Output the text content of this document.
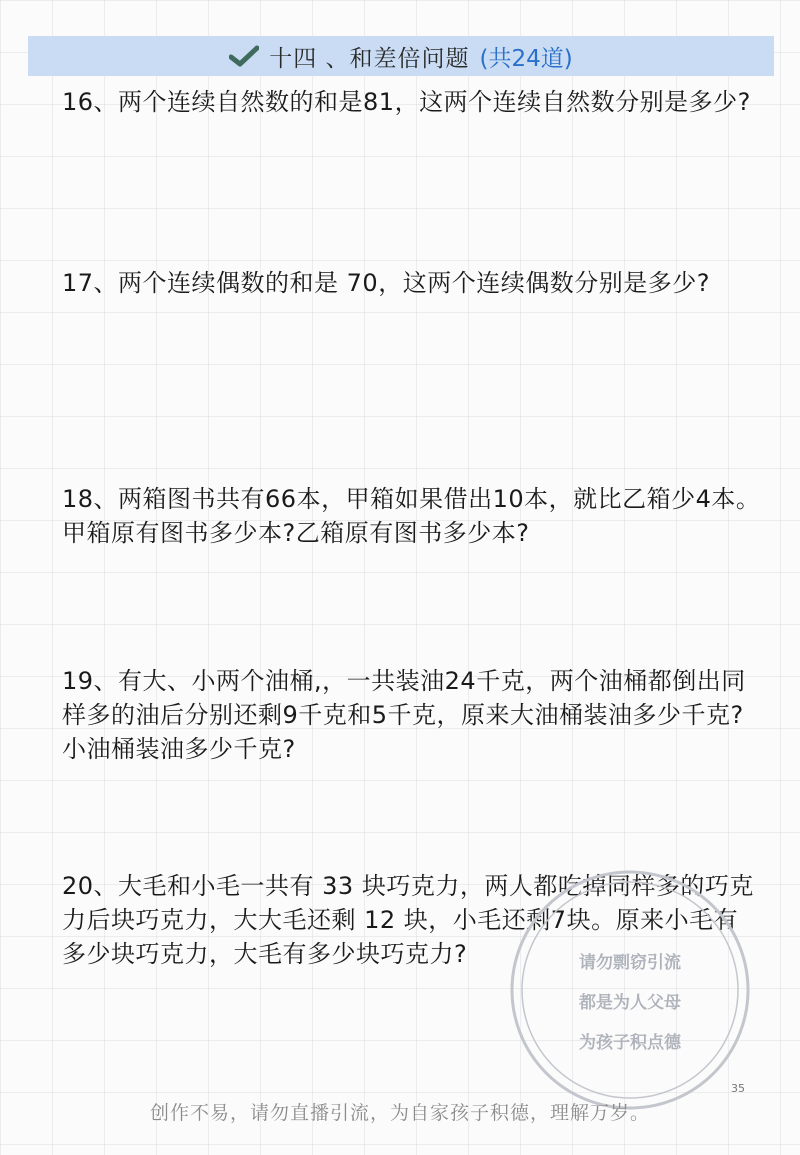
十四 、和差倍问题 (共24道)
16、两个连续自然数的和是81，这两个连续自然数分别是多少?
17、两个连续偶数的和是 70，这两个连续偶数分别是多少?
18、两箱图书共有66本，甲箱如果借出10本，就比乙箱少4本。甲箱原有图书多少本?乙箱原有图书多少本?
19、有大、小两个油桶,，一共装油24千克，两个油桶都倒出同样多的油后分别还剩9千克和5千克，原来大油桶装油多少千克?小油桶装油多少千克?
20、大毛和小毛一共有 33 块巧克力，两人都吃掉同样多的巧克力后块巧克力，大大毛还剩 12 块，小毛还剩7块。原来小毛有多少块巧克力，大毛有多少块巧克力?	请勿剽窃引流
都是为人父母
为孩子积点德
35
创作不易，请勿直播引流，为自家孩子积德，理解万岁。
